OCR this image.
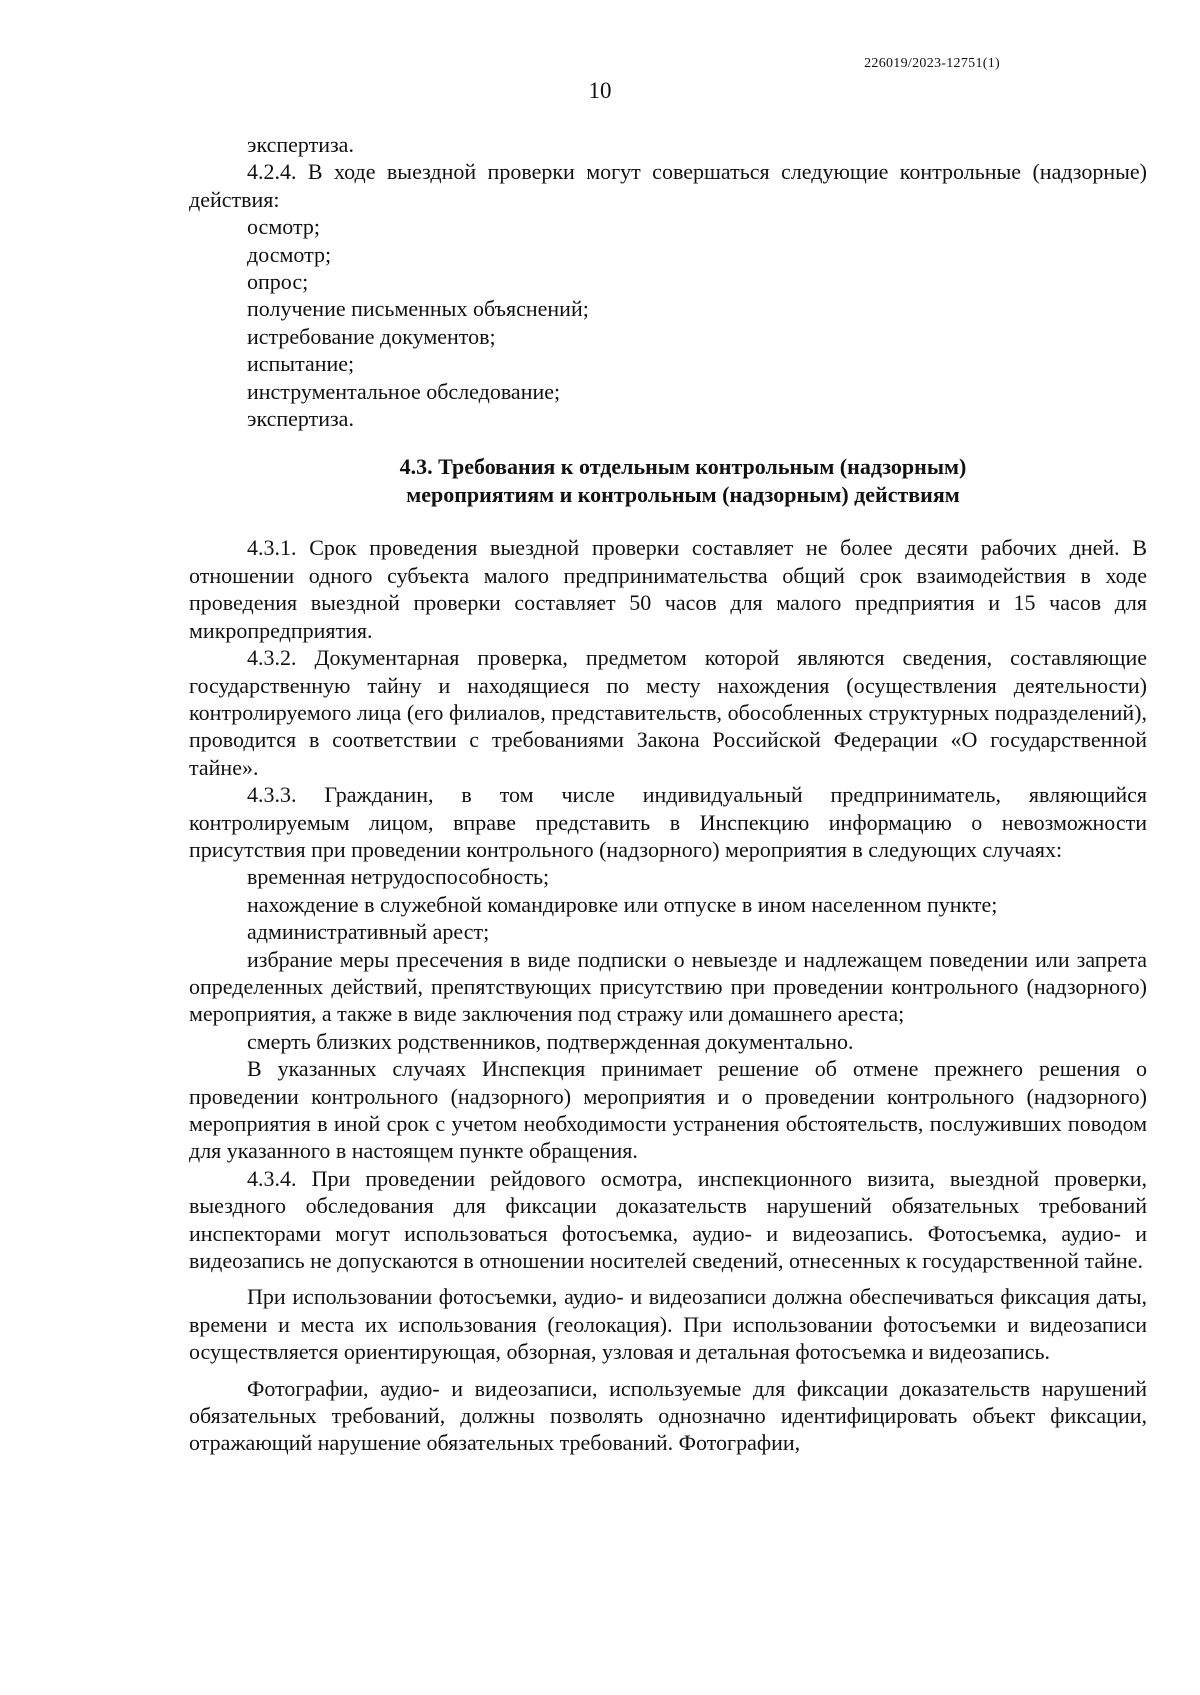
226019/2023-12751(1)
10

экспертиза.

4.2.4. В ходе выездной проверки могут совершаться следующие контрольные (надзорные) действия:

осмотр;

досмотр;

опрос;

получение письменных объяснений;

истребование документов;

испытание;

инструментальное обследование;

экспертиза.

4.3. Требования к отдельным контрольным (надзорным)
мероприятиям и контрольным (надзорным) действиям

4.3.1. Срок проведения выездной проверки составляет не более десяти рабочих дней. В отношении одного субъекта малого предпринимательства общий срок взаимодействия в ходе проведения выездной проверки составляет 50 часов для малого предприятия и 15 часов для микропредприятия.

4.3.2. Документарная проверка, предметом которой являются сведения, составляющие государственную тайну и находящиеся по месту нахождения (осуществления деятельности) контролируемого лица (его филиалов, представительств, обособленных структурных подразделений), проводится в соответствии с требованиями Закона Российской Федерации «О государственной тайне».

4.3.3. Гражданин, в том числе индивидуальный предприниматель, являющийся контролируемым лицом, вправе представить в Инспекцию информацию о невозможности присутствия при проведении контрольного (надзорного) мероприятия в следующих случаях:

временная нетрудоспособность;

нахождение в служебной командировке или отпуске в ином населенном пункте;

административный арест;

избрание меры пресечения в виде подписки о невыезде и надлежащем поведении или запрета определенных действий, препятствующих присутствию при проведении контрольного (надзорного) мероприятия, а также в виде заключения под стражу или домашнего ареста;

смерть близких родственников, подтвержденная документально.

В указанных случаях Инспекция принимает решение об отмене прежнего решения о проведении контрольного (надзорного) мероприятия и о проведении контрольного (надзорного) мероприятия в иной срок с учетом необходимости устранения обстоятельств, послуживших поводом для указанного в настоящем пункте обращения.

4.3.4. При проведении рейдового осмотра, инспекционного визита, выездной проверки, выездного обследования для фиксации доказательств нарушений обязательных требований инспекторами могут использоваться фотосъемка, аудио- и видеозапись. Фотосъемка, аудио- и видеозапись не допускаются в отношении носителей сведений, отнесенных к государственной тайне.

При использовании фотосъемки, аудио- и видеозаписи должна обеспечиваться фиксация даты, времени и места их использования (геолокация). При использовании фотосъемки и видеозаписи осуществляется ориентирующая, обзорная, узловая и детальная фотосъемка и видеозапись.

Фотографии, аудио- и видеозаписи, используемые для фиксации доказательств нарушений обязательных требований, должны позволять однозначно идентифицировать объект фиксации, отражающий нарушение обязательных требований. Фотографии,
